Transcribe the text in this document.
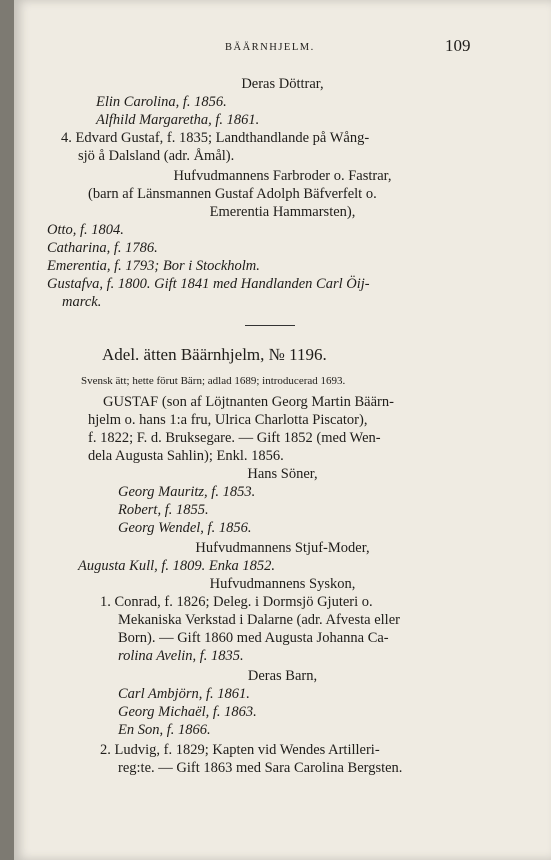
BÄÄRNHJELM.	109
Deras Döttrar,
Elin Carolina, f. 1856.
Alfhild Margaretha, f. 1861.
4. Edvard Gustaf, f. 1835; Landthandlande på Wång-
sjö å Dalsland (adr. Åmål).
Hufvudmannens Farbroder o. Fastrar,
(barn af Länsmannen Gustaf Adolph Bäfverfelt o.
Emerentia Hammarsten),
Otto, f. 1804.
Catharina, f. 1786.
Emerentia, f. 1793; Bor i Stockholm.
Gustafva, f. 1800. Gift 1841 med Handlanden Carl Öij-
marck.
Adel. ätten Bäärnhjelm, № 1196.
Svensk ätt; hette förut Bärn; adlad 1689; introducerad 1693.
GUSTAF (son af Löjtnanten Georg Martin Bäärn-
hjelm o. hans 1:a fru, Ulrica Charlotta Piscator),
f. 1822; F. d. Bruksegare. — Gift 1852 (med Wen-
dela Augusta Sahlin); Enkl. 1856.
Hans Söner,
Georg Mauritz, f. 1853.
Robert, f. 1855.
Georg Wendel, f. 1856.
Hufvudmannens Stjuf-Moder,
Augusta Kull, f. 1809. Enka 1852.
Hufvudmannens Syskon,
1. Conrad, f. 1826; Deleg. i Dormsjö Gjuteri o.
Mekaniska Verkstad i Dalarne (adr. Afvesta eller
Born). — Gift 1860 med Augusta Johanna Ca-
rolina Avelin, f. 1835.
Deras Barn,
Carl Ambjörn, f. 1861.
Georg Michaël, f. 1863.
En Son, f. 1866.
2. Ludvig, f. 1829; Kapten vid Wendes Artilleri-
reg:te. — Gift 1863 med Sara Carolina Bergsten.
